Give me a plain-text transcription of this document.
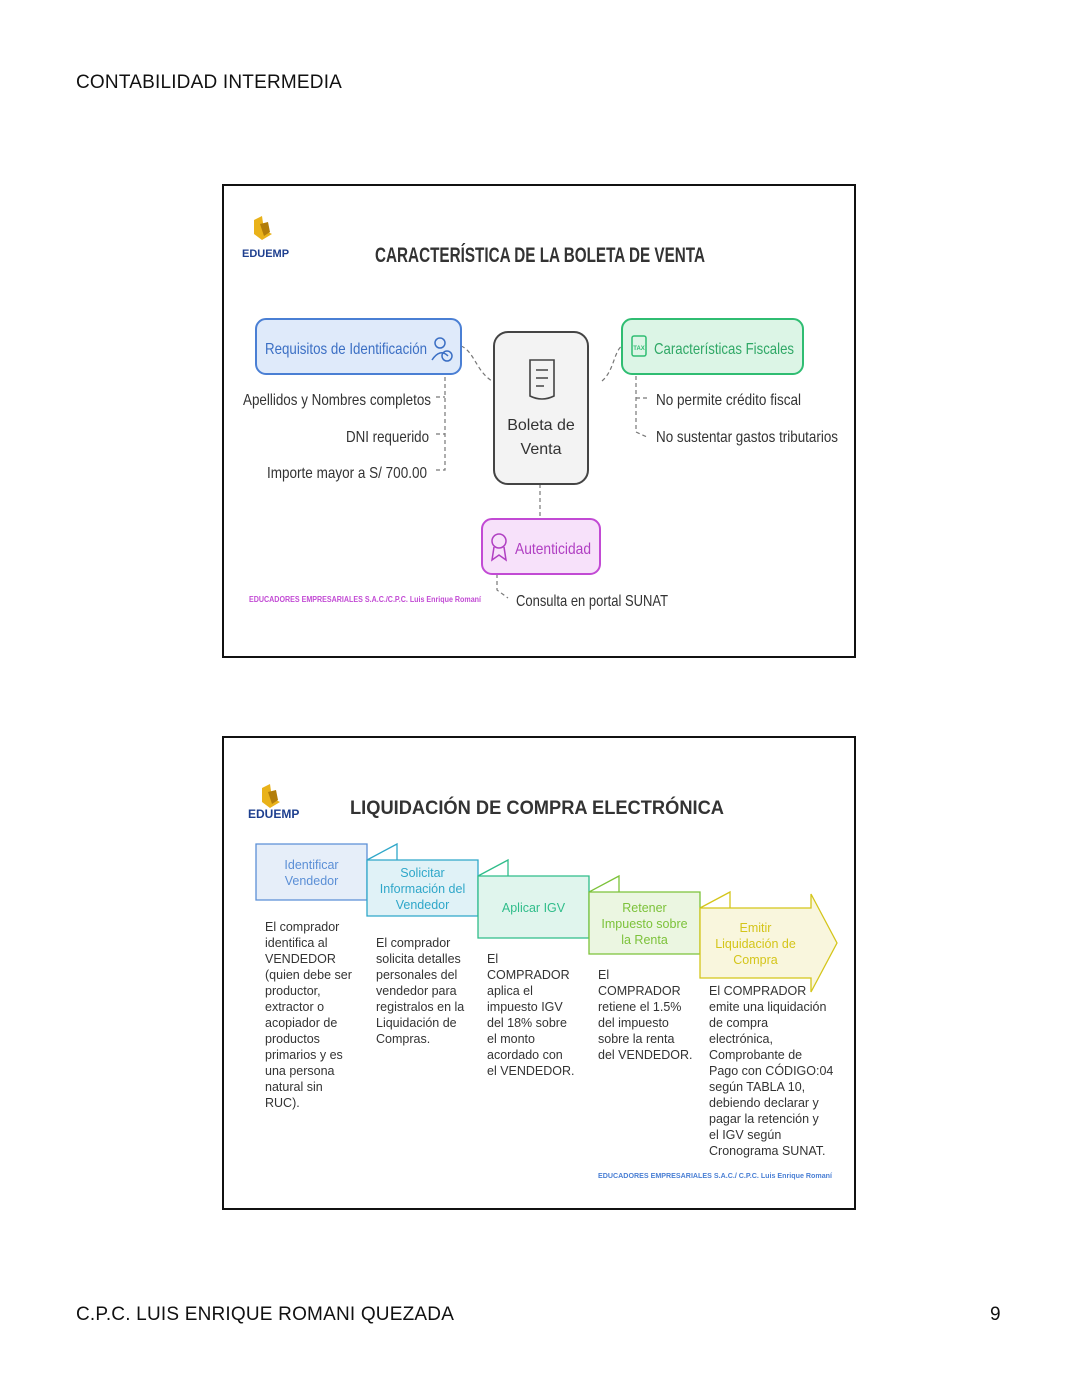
CONTABILIDAD INTERMEDIA
EDUEMP	CARACTERÍSTICA DE LA BOLETA DE VENTA
Requisitos de Identificación
Apellidos y Nombres completos
DNI requerido
Importe mayor a S/ 700.00
Boleta de
Venta
TAX Características Fiscales
No permite crédito fiscal
No sustentar gastos tributarios
Autenticidad
Consulta en portal SUNAT
EDUCADORES EMPRESARIALES S.A.C./C.P.C. Luis Enrique Romaní
EDUEMP	LIQUIDACIÓN DE COMPRA ELECTRÓNICA
Identificar
Vendedor
El comprador
identifica al
VENDEDOR
(quien debe ser
productor,
extractor o
acopiador de
productos
primarios y es
una persona
natural sin
RUC).
Solicitar
Información del
Vendedor
El comprador
solicita detalles
personales del
vendedor para
registralos en la
Liquidación de
Compras.
Aplicar IGV
El
COMPRADOR
aplica el
impuesto IGV
del 18% sobre
el monto
acordado con
el VENDEDOR.
Retener
Impuesto sobre
la Renta
El
COMPRADOR
retiene el 1.5%
del impuesto
sobre la renta
del VENDEDOR.
Emitir
Liquidación de
Compra
El COMPRADOR
emite una liquidación
de compra
electrónica,
Comprobante de
Pago con CÓDIGO:04
según TABLA 10,
debiendo declarar y
pagar la retención y
el IGV según
Cronograma SUNAT.
EDUCADORES EMPRESARIALES S.A.C./ C.P.C. Luis Enrique Romaní
C.P.C. LUIS ENRIQUE ROMANI QUEZADA	9
